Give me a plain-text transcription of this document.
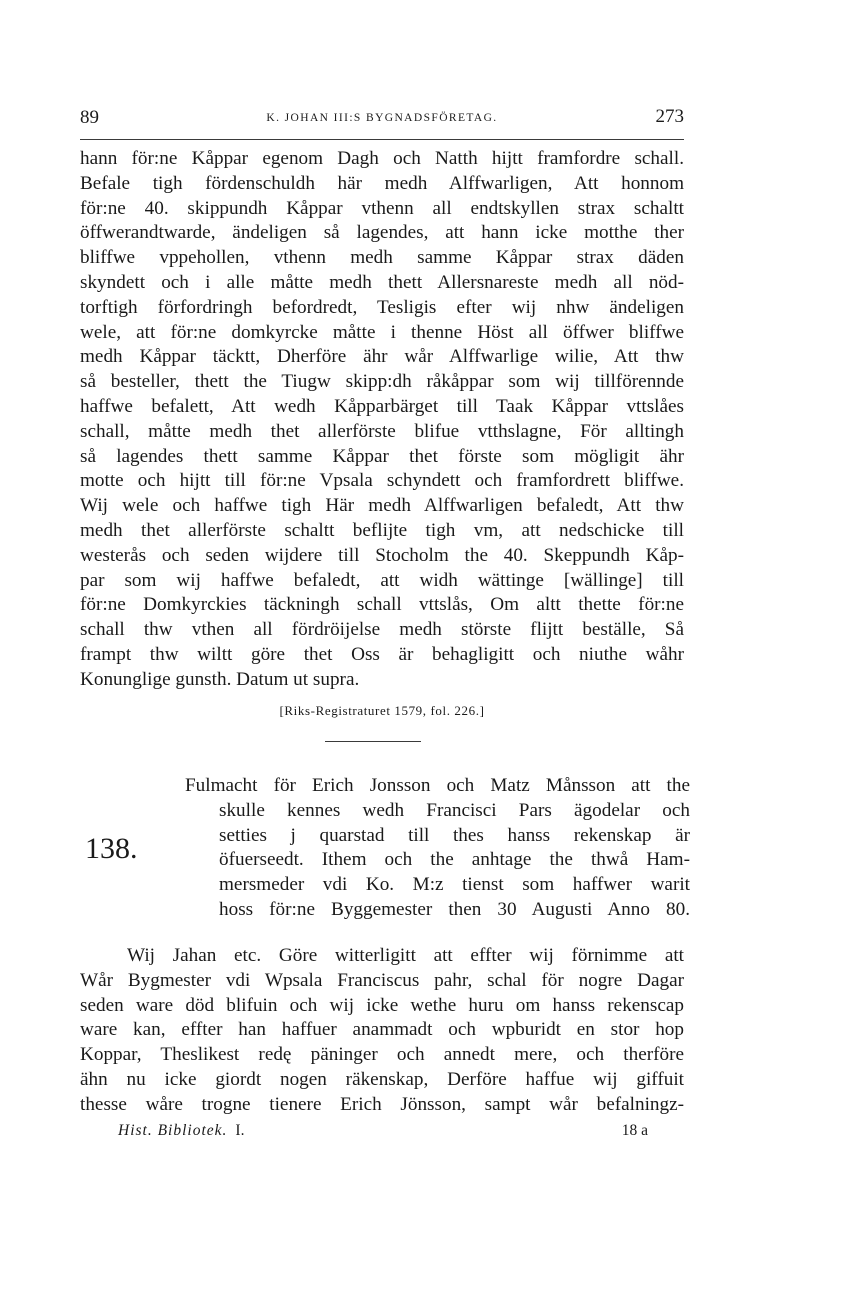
89	K. JOHAN III:S BYGNADSFÖRETAG.	273
hann för:ne Kåppar egenom Dagh och Natth hijtt framfordre schall.
Befale tigh fördenschuldh här medh Alffwarligen, Att honnom
för:ne 40. skippundh Kåppar vthenn all endtskyllen strax schaltt
öffwerandtwarde, ändeligen så lagendes, att hann icke motthe ther
bliffwe vppehollen, vthenn medh samme Kåppar strax däden
skyndett och i alle måtte medh thett Allersnareste medh all nöd-
torftigh förfordringh befordredt, Tesligis efter wij nhw ändeligen
wele, att för:ne domkyrcke måtte i thenne Höst all öffwer bliffwe
medh Kåppar täcktt, Dherföre ähr wår Alffwarlige wilie, Att thw
så besteller, thett the Tiugw skipp:dh råkåppar som wij tillförennde
haffwe befalett, Att wedh Kåpparbärget till Taak Kåppar vttslåes
schall, måtte medh thet allerförste blifue vtthslagne, För alltingh
så lagendes thett samme Kåppar thet förste som mögligit ähr
motte och hijtt till för:ne Vpsala schyndett och framfordrett bliffwe.
Wij wele och haffwe tigh Här medh Alffwarligen befaledt, Att thw
medh thet allerförste schaltt beflijte tigh vm, att nedschicke till
westerås och seden wijdere till Stocholm the 40. Skeppundh Kåp-
par som wij haffwe befaledt, att widh wättinge [wällinge] till
för:ne Domkyrckies täckningh schall vttslås, Om altt thette för:ne
schall thw vthen all fördröijelse medh störste flijtt beställe, Så
frampt thw wiltt göre thet Oss är behagligitt och niuthe wåhr
Konunglige gunsth. Datum ut supra.
[Riks-Registraturet 1579, fol. 226.]
138.
Fulmacht för Erich Jonsson och Matz Månsson att the
skulle kennes wedh Francisci Pars ägodelar och
setties j quarstad till thes hanss rekenskap är
öfuerseedt. Ithem och the anhtage the thwå Ham-
mersmeder vdi Ko. M:z tienst som haffwer warit
hoss för:ne Byggemester then 30 Augusti Anno 80.
Wij Jahan etc. Göre witterligitt att effter wij förnimme att
Wår Bygmester vdi Wpsala Franciscus pahr, schal för nogre Dagar
seden ware död blifuin och wij icke wethe huru om hanss rekenscap
ware kan, effter han haffuer anammadt och wpburidt en stor hop
Koppar, Theslikest redę päninger och annedt mere, och therföre
ähn nu icke giordt nogen räkenskap, Derföre haffue wij giffuit
thesse wåre trogne tienere Erich Jönsson, sampt wår befalningz-
Hist. Bibliotek. I.	18 a
